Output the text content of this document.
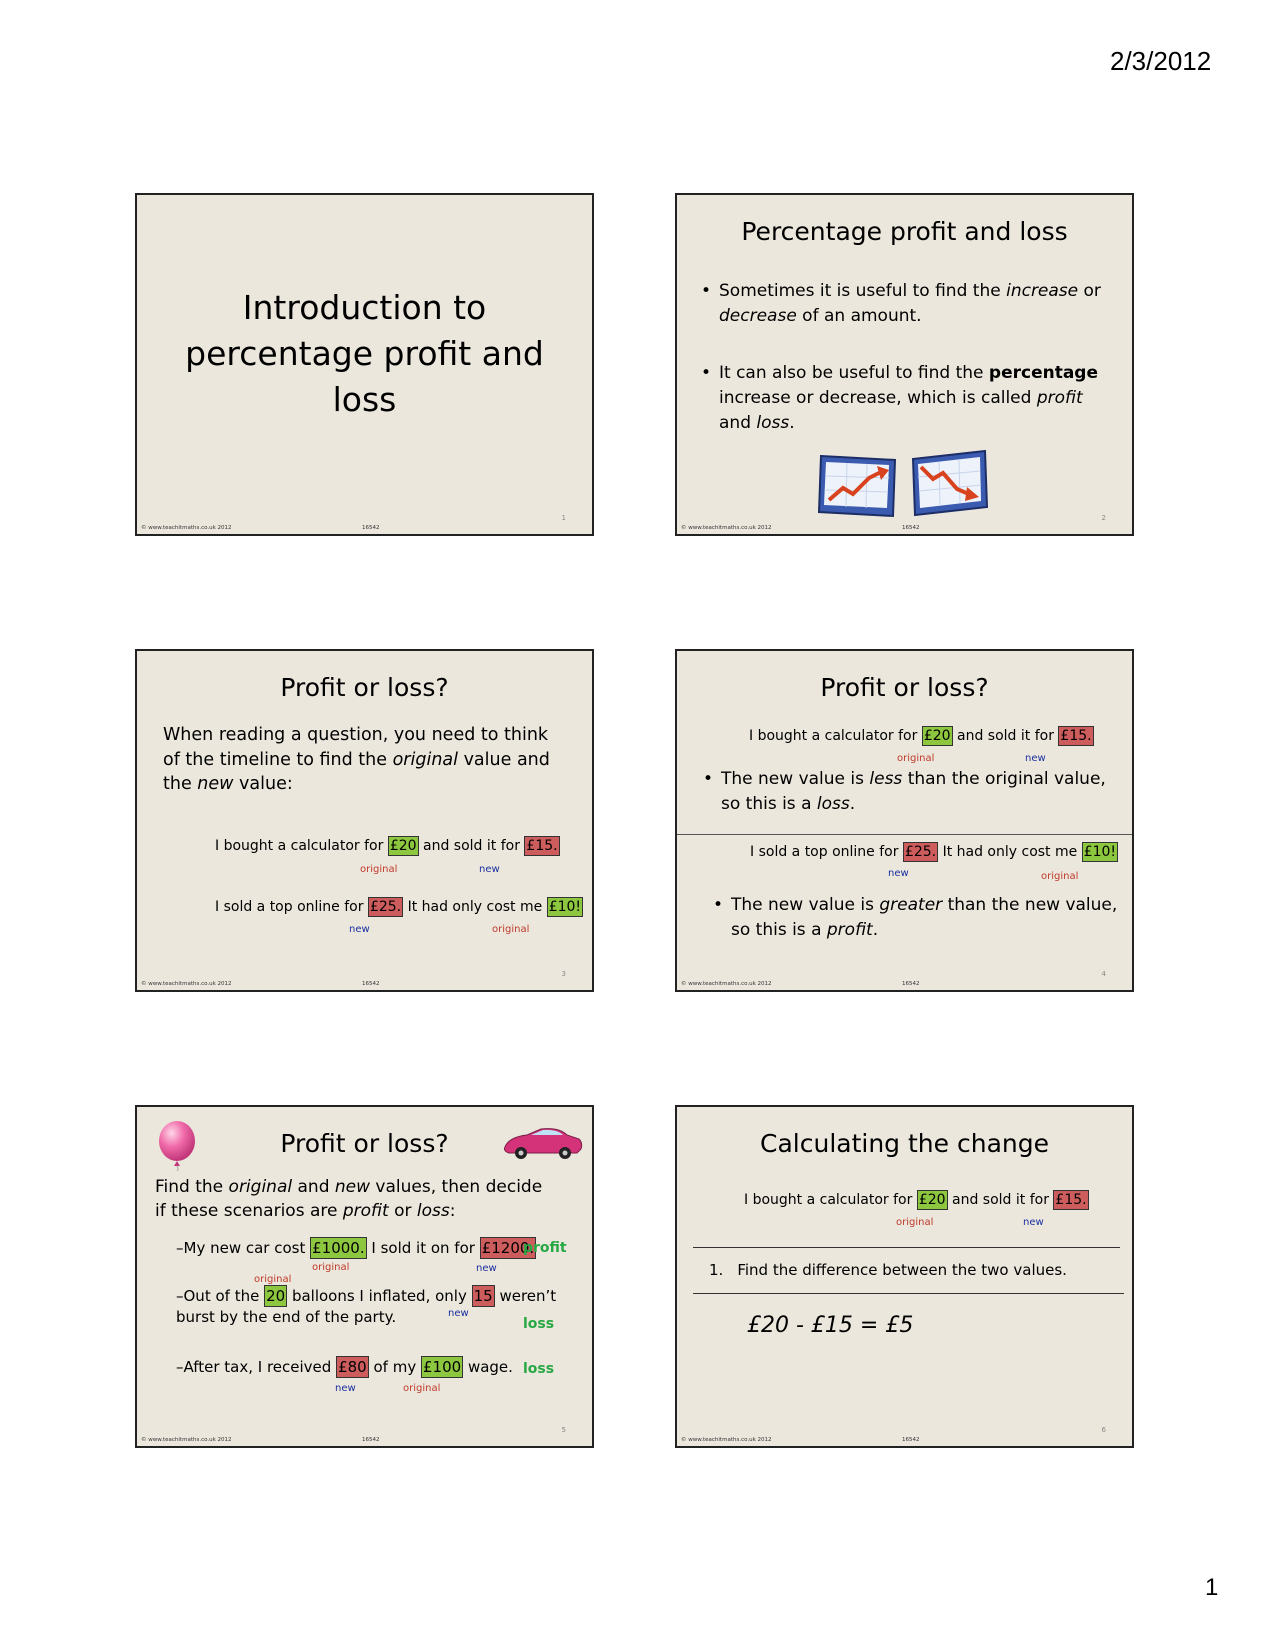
2/3/2012
Introduction to percentage profit and loss
© www.teachitmaths.co.uk 2012	16542
1
Percentage profit and loss
• Sometimes it is useful to find the increase or decrease of an amount.
• It can also be useful to find the percentage increase or decrease, which is called profit and loss.
© www.teachitmaths.co.uk 2012	16542
2
Profit or loss?
When reading a question, you need to think of the timeline to find the original value and the new value:
I bought a calculator for £20 and sold it for £15.
original	new
I sold a top online for £25. It had only cost me £10!
new	original
© www.teachitmaths.co.uk 2012	16542
3
Profit or loss?
I bought a calculator for £20 and sold it for £15.
original	new
• The new value is less than the original value, so this is a loss.
I sold a top online for £25. It had only cost me £10!
new	original
• The new value is greater than the new value, so this is a profit.
© www.teachitmaths.co.uk 2012	16542
4
Profit or loss?
Find the original and new values, then decide if these scenarios are profit or loss:
–My new car cost £1000. I sold it on for £1200.
profit
original
original	new
–Out of the 20 balloons I inflated, only 15 weren’t
burst by the end of the party.	new
loss
–After tax, I received £80 of my £100 wage. loss
new	original
© www.teachitmaths.co.uk 2012	16542
5
Calculating the change
I bought a calculator for £20 and sold it for £15.
original	new
1. Find the difference between the two values.
£20 - £15 = £5
© www.teachitmaths.co.uk 2012	16542
6
1
